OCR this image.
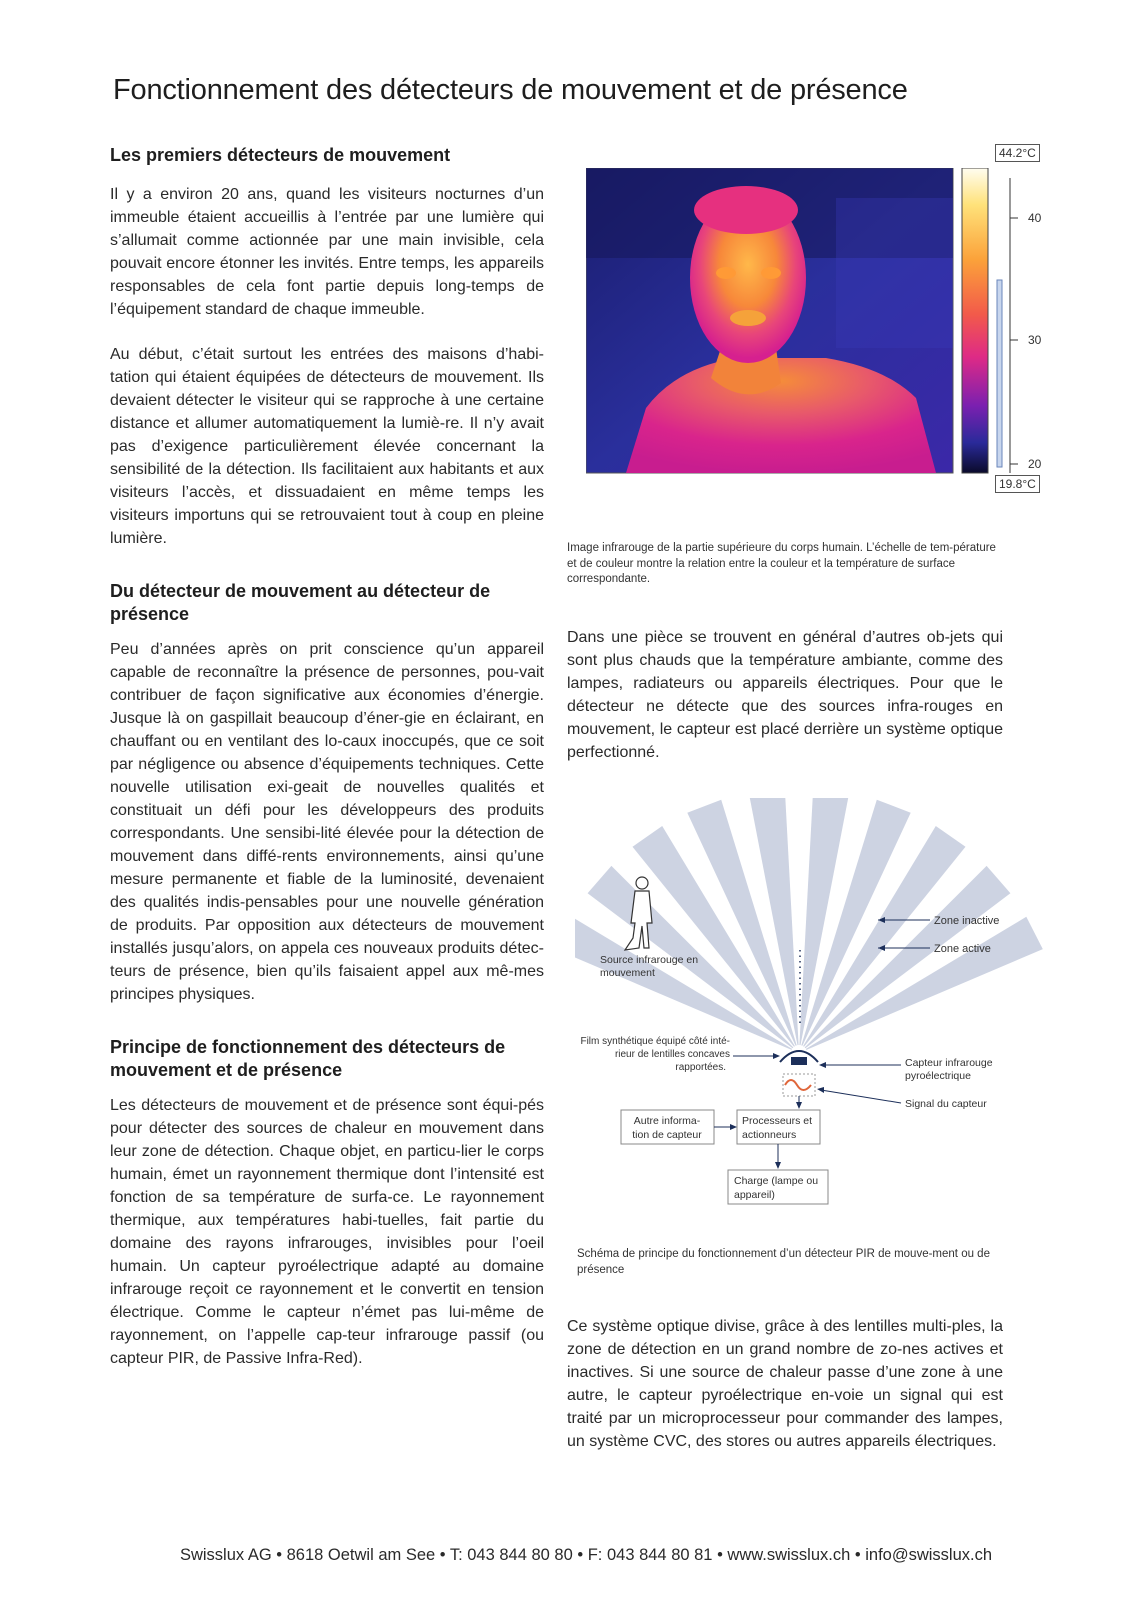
Fonctionnement des détecteurs de mouvement et de présence
Les premiers détecteurs de mouvement

Il y a environ 20 ans, quand les visiteurs nocturnes d’un immeuble étaient accueillis à l’entrée par une lumière qui s’allumait comme actionnée par une main invisible, cela pouvait encore étonner les invités. Entre temps, les appareils responsables de cela font partie depuis long-temps de l’équipement standard de chaque immeuble.

Au début, c’était surtout les entrées des maisons d’habi-tation qui étaient équipées de détecteurs de mouvement. Ils devaient détecter le visiteur qui se rapproche à une certaine distance et allumer automatiquement la lumiè-re. Il n’y avait pas d’exigence particulièrement élevée concernant la sensibilité de la détection. Ils facilitaient aux habitants et aux visiteurs l’accès, et dissuadaient en même temps les visiteurs importuns qui se retrouvaient tout à coup en pleine lumière.

Du détecteur de mouvement au détecteur de présence

Peu d’années après on prit conscience qu’un appareil capable de reconnaître la présence de personnes, pou-vait contribuer de façon significative aux économies d’énergie. Jusque là on gaspillait beaucoup d’éner-gie en éclairant, en chauffant ou en ventilant des lo-caux inoccupés, que ce soit par négligence ou absence d’équipements techniques. Cette nouvelle utilisation exi-geait de nouvelles qualités et constituait un défi pour les développeurs des produits correspondants. Une sensibi-lité élevée pour la détection de mouvement dans diffé-rents environnements, ainsi qu’une mesure permanente et fiable de la luminosité, devenaient des qualités indis-pensables pour une nouvelle génération de produits. Par opposition aux détecteurs de mouvement installés jusqu’alors, on appela ces nouveaux produits détec-teurs de présence, bien qu’ils faisaient appel aux mê-mes principes physiques.

Principe de fonctionnement des détecteurs de mouvement et de présence

Les détecteurs de mouvement et de présence sont équi-pés pour détecter des sources de chaleur en mouvement dans leur zone de détection. Chaque objet, en particu-lier le corps humain, émet un rayonnement thermique dont l’intensité est fonction de sa température de surfa-ce. Le rayonnement thermique, aux températures habi-tuelles, fait partie du domaine des rayons infrarouges, invisibles pour l’oeil humain. Un capteur pyroélectrique adapté au domaine infrarouge reçoit ce rayonnement et le convertit en tension électrique. Comme le capteur n’émet pas lui-même de rayonnement, on l’appelle cap-teur infrarouge passif (ou capteur PIR, de Passive Infra-Red).

40
30
20
44.2°C
19.8°C

Image infrarouge de la partie supérieure du corps humain. L’échelle de tem-pérature et de couleur montre la relation entre la couleur et la température de surface correspondante.

Dans une pièce se trouvent en général d’autres ob-jets qui sont plus chauds que la température ambiante, comme des lampes, radiateurs ou appareils électriques. Pour que le détecteur ne détecte que des sources infra-rouges en mouvement, le capteur est placé derrière un système optique perfectionné.

Zone inactive
Zone active
Source infrarouge en
mouvement
Film synthétique équipé côté inté-
rieur de lentilles concaves
rapportées.	Capteur infrarouge
pyroélectrique
Signal du capteur
Autre informa-
tion de capteur
Processeurs et
actionneurs
Charge (lampe ou
appareil)

Schéma de principe du fonctionnement d’un détecteur PIR de mouve-ment ou de présence

Ce système optique divise, grâce à des lentilles multi-ples, la zone de détection en un grand nombre de zo-nes actives et inactives. Si une source de chaleur passe d’une zone à une autre, le capteur pyroélectrique en-voie un signal qui est traité par un microprocesseur pour commander des lampes, un système CVC, des stores ou autres appareils électriques.

Swisslux AG • 8618 Oetwil am See • T: 043 844 80 80 • F: 043 844 80 81 • www.swisslux.ch • info@swisslux.ch
